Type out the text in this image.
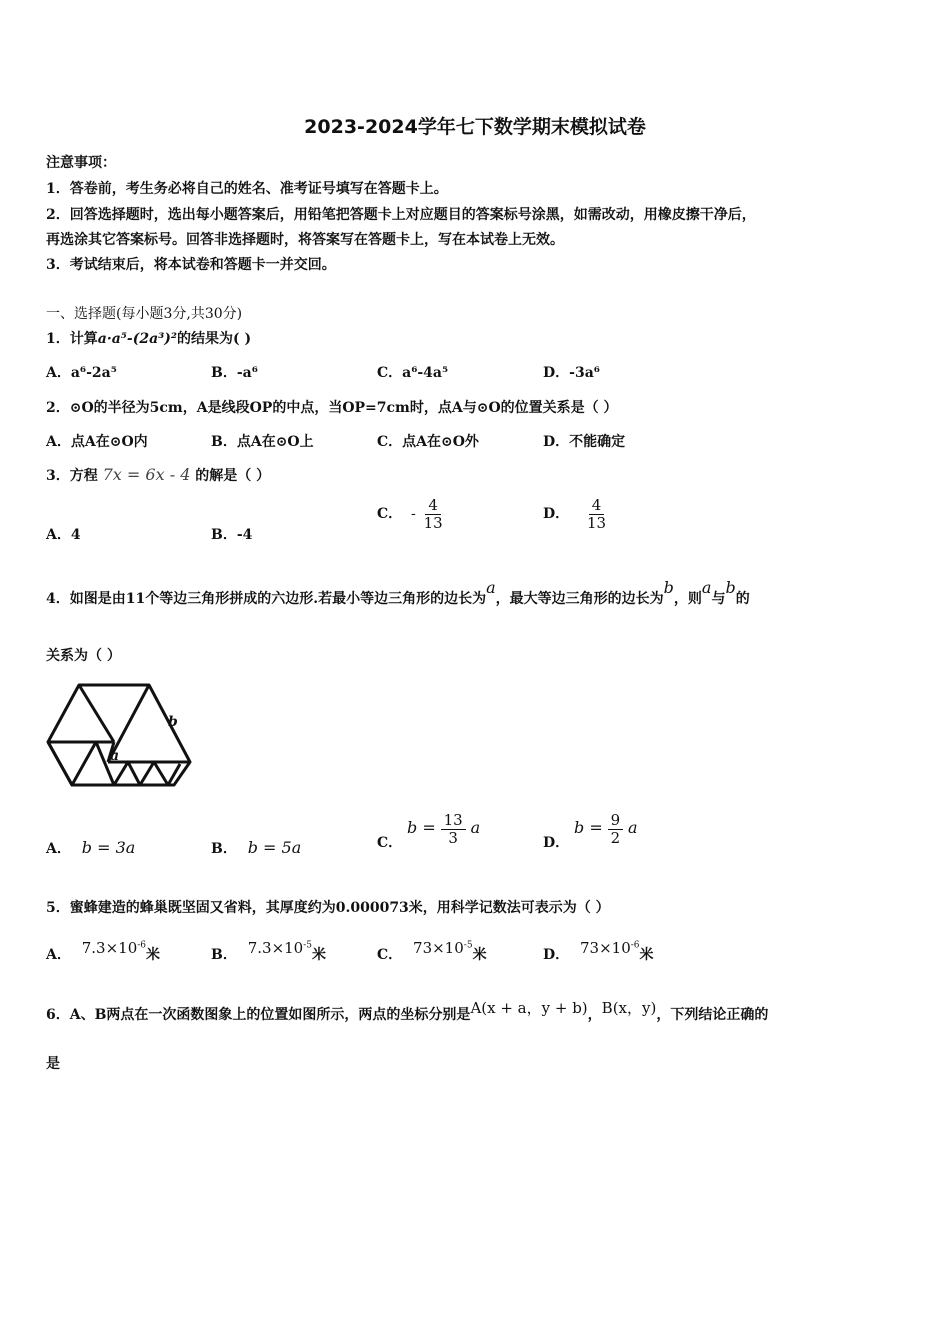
2023-2024学年七下数学期末模拟试卷
注意事项：
1．答卷前，考生务必将自己的姓名、准考证号填写在答题卡上。
2．回答选择题时，选出每小题答案后，用铅笔把答题卡上对应题目的答案标号涂黑，如需改动，用橡皮擦干净后，
再选涂其它答案标号。回答非选择题时，将答案写在答题卡上，写在本试卷上无效。
3．考试结束后，将本试卷和答题卡一并交回。
一、选择题(每小题3分,共30分)
1．计算a·a⁵-(2a³)²的结果为( )
A．a⁶-2a⁵	B．-a⁶	C．a⁶-4a⁵	D．-3a⁶
2．⊙O的半径为5cm，A是线段OP的中点，当OP=7cm时，点A与⊙O的位置关系是（ ）
A．点A在⊙O内	B．点A在⊙O上	C．点A在⊙O外	D．不能确定
3．方程 7x = 6x - 4 的解是（ ）
A．4	B．-4
C． - $\frac{4}{13}$	D． $\frac{4}{13}$
4．如图是由11个等边三角形拼成的六边形.若最小等边三角形的边长为a，最大等边三角形的边长为b，则a与b的
关系为（ ）
a
b
A． b = 3a	B． b = 5a	C． $b = \frac{13}{3}$ a
D． $b = \frac{9}{2}$ a
5．蜜蜂建造的蜂巢既坚固又省料，其厚度约为0.000073米，用科学记数法可表示为（ ）
A． $7.3\times 10^{-6}$米	B． $7.3\times 10^{-5}$米	C． $73\times 10^{-5}$米	D． $73\times 10^{-6}$米
6．A、B两点在一次函数图象上的位置如图所示，两点的坐标分别是A(x + a，y + b)，B(x，y)，下列结论正确的
是
